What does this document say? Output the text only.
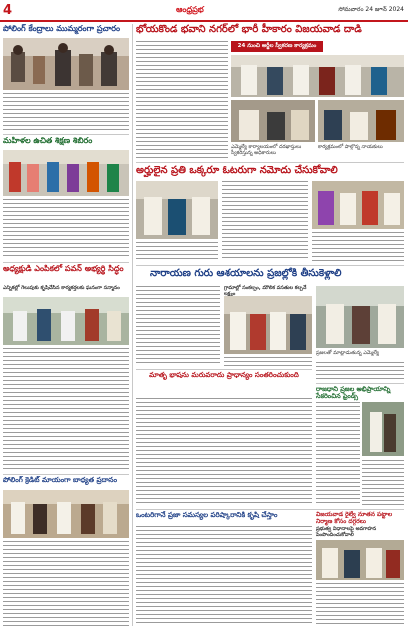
4	ఆంధ్రప్రభ	సోమవారం 24 జూన్ 2024
పోలింగ్ కేంద్రాలు ముమ్మరంగా ప్రచారం
మహిళల ఉచిత శిక్షణ శిబిరం
అధ్యక్షుడి ఎంపికలో పవన్ అభ్యర్థి సిద్ధం
ఎన్నికల్లో గెలుపుకు కృషిచేసిన కార్యకర్తలకు ఘనంగా సన్మానం
పోలింగ్ క్రెడిట్ మాయంగా బాధ్యత ప్రదానం
భోయకొండ భవాని నగర్‌లో భారీ హీకారం విజయవాడ దాడి
24 నుంచి అర్జీల స్వీకరణ కార్యక్రమం
ఎమ్మెల్యే కార్యాలయంలో దరఖాస్తులు స్వీకరిస్తున్న అధికారులు
కార్యక్రమంలో పాల్గొన్న నాయకులు
అర్హులైన ప్రతి ఒక్కరూ ఓటరుగా నమోదు చేసుకోవాలి
నారాయణ గురు ఆశయాలను ప్రజల్లోకి తీసుకెళ్లాలి
గ్రామాల్లో సంకల్పం, మౌలిక వసతుల కల్పనే లక్ష్యం
ప్రజలతో మాట్లాడుతున్న ఎమ్మెల్యే
మాతృ భాషను మరువరాదు ప్రాధాన్యం సంతరించుకుంది
రాజధాని ప్రజల అభిప్రాయాన్ని సేకరించిన ఫ్రెండ్స్
ఒంటరిగానే ప్రజా సమస్యల పరిష్కారానికి కృషి చేస్తాం	విజయవాడ రైల్వే నూతన పట్టాల నిర్మాణ కోసం దగ్గరలు
ప్రభుత్వ విధానాలపై అవగాహన పెంపొందించుకోవాలి
